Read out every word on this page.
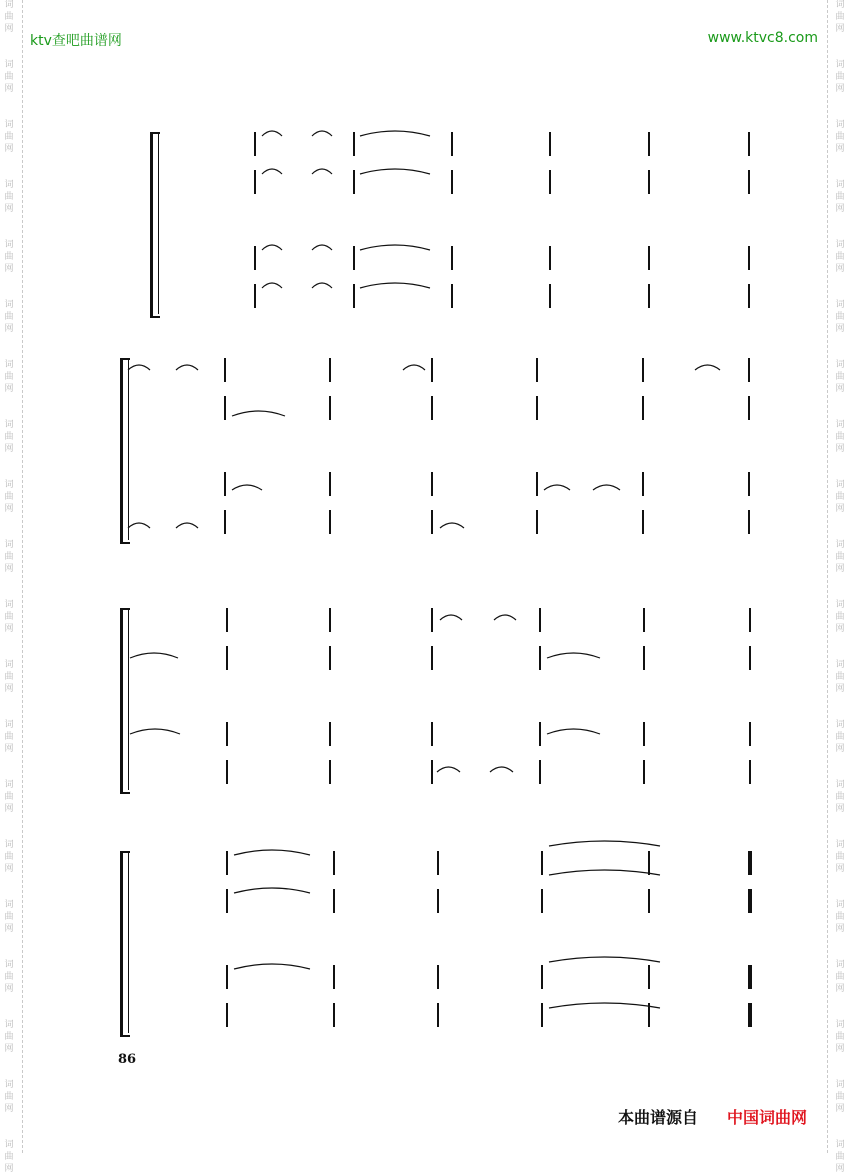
词
曲
网
词
曲
网
词
曲
网
词
曲
网
词
曲
网
词
曲
网
词
曲
网
词
曲
网
词
曲
网
词
曲
网
词
曲
网
词
曲
网
词
曲
网
词
曲
网
词
曲
网
词
曲
网
词
曲
网
词
曲
网
词
曲
网
词
曲
网
词
曲
网
词
曲
网
词
曲
网
词
曲
网
词
曲
网
词
曲
网
词
曲
网
词
曲
网
词
曲
网
词
曲
网
词
曲
网
词
曲
网
词
曲
网
词
曲
网
词
曲
网
词
曲
网
词
曲
网
词
曲
网
词
曲
网
词
曲
网
ktv查吧曲谱网	www.ktvc8.com
86
本曲谱源自 中国词曲网
